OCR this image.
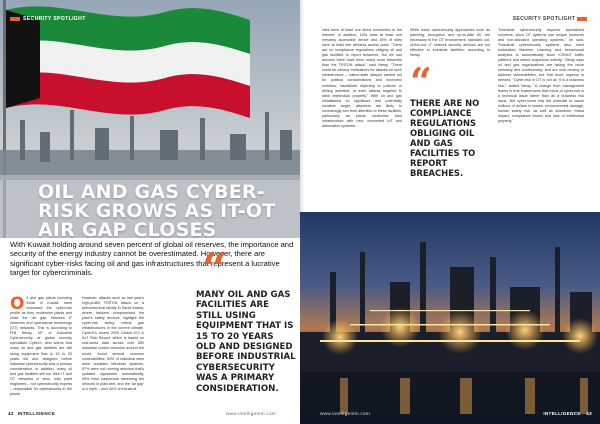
SECURITY SPOTLIGHT
OIL AND GAS CYBER-
RISK GROWS AS IT-OT
AIR GAP CLOSES

With Kuwait holding around seven percent of global oil reserves, the importance and security of the energy industry cannot be overestimated. However, there are significant cyber-risks facing oil and gas infrastructures that represent a lucrative target for cybercriminals.

Oil and gas plants including those in Kuwait, have increased the cyber-risk profile as they modernise plants and close the 'air gap' between IT networks and operational technology (OT) networks. This is according to Phil Neray, VP of Industrial Cybersecurity at global security specialists CyberX, who warns that many oil and gas facilities are still using equipment that is 15 to 20 years old and designed before industrial cybersecurity was a primary consideration. In addition, many oil and gas facilities still run their IT and OT networks in silos, with plant engineers – not cybersecurity experts – responsible for cybersecurity in the plants.
However, attacks such as last year's high-profile TRITON attack on a petrochemical facility in Saudi Arabia, where hackers compromised the plant's safety devices, highlight the cyber-risk facing critical gas infrastructures in the current climate. CyberX's recent 2019 Global ICS & IIoT Risk Report, which is based on real-world data across over 850 industrial control networks around the world, found several common vulnerabilities: 53% of industrial sites used outdated Windows systems, 57% were not running antivirus that's updated signatures automatically, 69% have passwords traversing the network in plain-text, and the 'air gap' is a myth – over 40% of industrial
“

MANY OIL AND GAS FACILITIES ARE STILL USING EQUIPMENT THAT IS 15 TO 20 YEARS OLD AND DESIGNED BEFORE INDUSTRIAL CYBERSECURITY WAS A PRIMARY CONSIDERATION.

42 INTELLIGENCE	www.intelligentsi.com
SECURITY SPOTLIGHT
sites have at least one direct connection to the internet. In addition, 16% have at least one remotely accessible device and 16% of sites have at least one wireless access point. "There are no compliance regulations obliging oil and gas facilities to report breaches, but we can assume there have been many more breaches than the TRITON attack," said Neray. "There could be various motivations for attacks on such infrastructure – nation-state attacks carried out for political considerations and economic extortion; hacktivists objecting to policies or drilling activities; or even attacks targeted to steal intellectual property." With oil and gas installations so significant and potentially lucrative target, attackers are likely to increasingly turn their attention to these facilities, particularly as plants modernise their infrastructure with new, connected IoT and automation systems.
While basic cybersecurity approaches such as patching, encryption and up-to-date AV are necessary in the OT environment, standard out-of-the-box IT network security devices are not effective in industrial facilities, according to Neray.
“

THERE ARE NO COMPLIANCE REGULATIONS OBLIGING OIL AND GAS FACILITIES TO REPORT BREACHES.

"Industrial cybersecurity requires specialised solutions, since OT systems use unique protocols and non-standard operating systems," he said. "Industrial cybersecurity systems also need embedded Machine Learning and behavioural analytics to automatically learn ICS/IIoT traffic patterns and detect suspicious activity." Neray says oil and gas organisations are taking the issue seriously and continuously, and are now moving to address vulnerabilities, but that more urgency is needed. "Cyber-risk in OT is not an 'it is a business risk'," added Neray. "A change from management teams is that boardrooms that focus of cyber-risk is a technical issue rather than as a business risk issue. But cyber-crime has the potential to cause millions of dollars in losses, environmental damage, human safety risk, as well as downtime, brand impact, compliance issues and loss of intellectual property."
www.intelligentsi.com	INTELLIGENCE 43
